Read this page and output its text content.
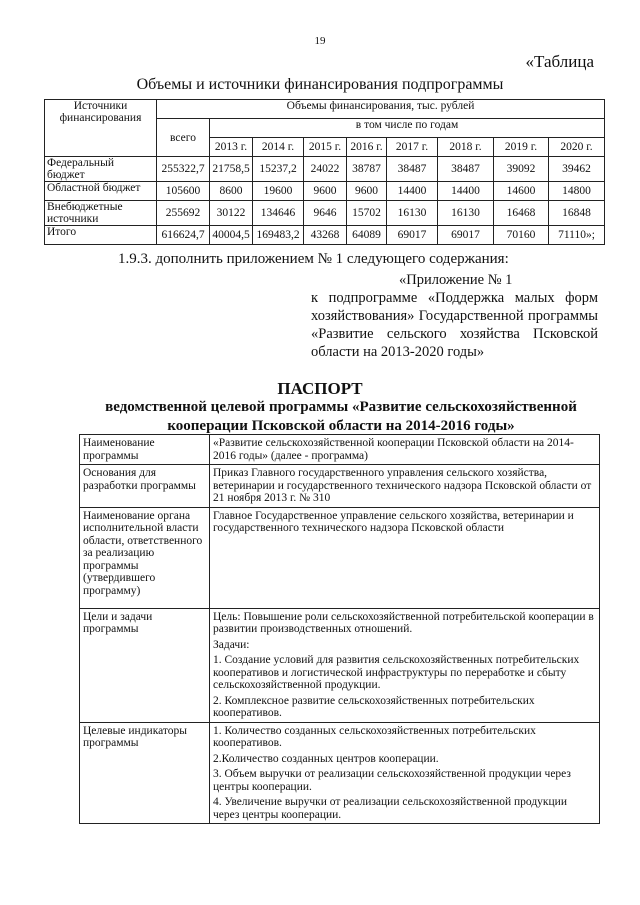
19
«Таблица
Объемы и источники финансирования подпрограммы
Источники финансирования	Объемы финансирования, тыс. рублей								
	всего	в том числе по годам							
		2013 г.	2014 г.	2015 г.	2016 г.	2017 г.	2018 г.	2019 г.	2020 г.
Федеральный бюджет	255322,7	21758,5	15237,2	24022	38787	38487	38487	39092	39462
Областной бюджет	105600	8600	19600	9600	9600	14400	14400	14600	14800
Внебюджетные источники	255692	30122	134646	9646	15702	16130	16130	16468	16848
Итого	616624,7	40004,5	169483,2	43268	64089	69017	69017	70160	71110»;
1.9.3. дополнить приложением № 1 следующего содержания:
«Приложение № 1
к подпрограмме «Поддержка малых форм хозяйствования» Государственной программы «Развитие сельского хозяйства Псковской области на 2013-2020 годы»
ПАСПОРТ
ведомственной целевой программы «Развитие сельскохозяйственной кооперации Псковской области на 2014-2016 годы»
Наименование программы	«Развитие сельскохозяйственной кооперации Псковской области на 2014-2016 годы» (далее - программа)

Основания для разработки программы	Приказ Главного государственного управления сельского хозяйства, ветеринарии и государственного технического надзора Псковской области от 21 ноября 2013 г. № 310

Наименование органа исполнительной власти области, ответственного за реализацию программы (утвердившего программу)	Главное Государственное управление сельского хозяйства, ветеринарии и государственного технического надзора Псковской области

Цели и задачи программы	Цель: Повышение роли сельскохозяйственной потребительской кооперации в развитии производственных отношений.

Задачи:

1. Создание условий для развития сельскохозяйственных потребительских кооперативов и логистической инфраструктуры по переработке и сбыту сельскохозяйственной продукции.

2. Комплексное развитие сельскохозяйственных потребительских кооперативов.

Целевые индикаторы программы	1. Количество созданных сельскохозяйственных потребительских кооперативов.

2.Количество созданных центров кооперации.

3. Объем выручки от реализации сельскохозяйственной продукции через центры кооперации.

4. Увеличение выручки от реализации сельскохозяйственной продукции через центры кооперации.
